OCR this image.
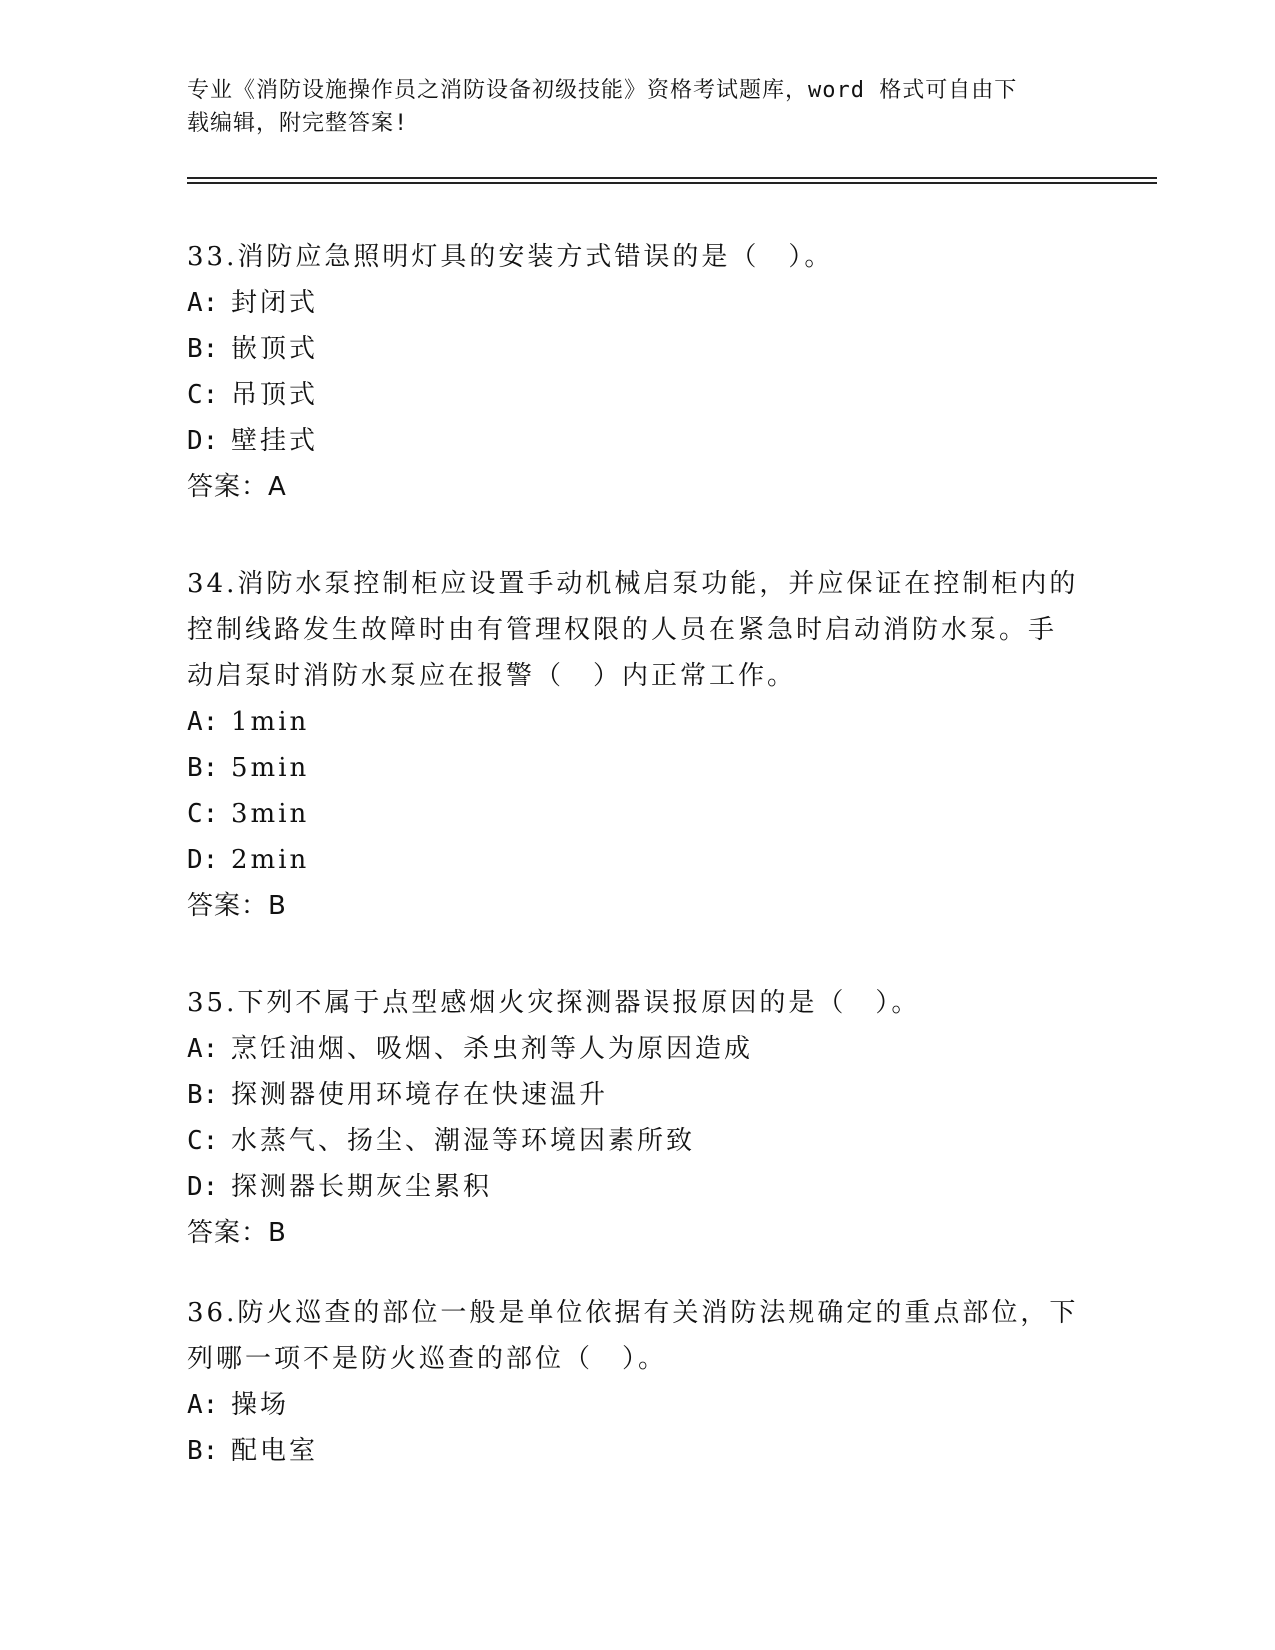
专业《消防设施操作员之消防设备初级技能》资格考试题库，word 格式可自由下
载编辑，附完整答案!

33.消防应急照明灯具的安装方式错误的是（　）。

A: 封闭式

B: 嵌顶式

C: 吊顶式

D: 壁挂式

答案：A

34.消防水泵控制柜应设置手动机械启泵功能，并应保证在控制柜内的

控制线路发生故障时由有管理权限的人员在紧急时启动消防水泵。手

动启泵时消防水泵应在报警（　）内正常工作。

A: 1min

B: 5min

C: 3min

D: 2min

答案：B

35.下列不属于点型感烟火灾探测器误报原因的是（　）。

A: 烹饪油烟、吸烟、杀虫剂等人为原因造成

B: 探测器使用环境存在快速温升

C: 水蒸气、扬尘、潮湿等环境因素所致

D: 探测器长期灰尘累积

答案：B

36.防火巡查的部位一般是单位依据有关消防法规确定的重点部位，下

列哪一项不是防火巡查的部位（　）。

A: 操场

B: 配电室
